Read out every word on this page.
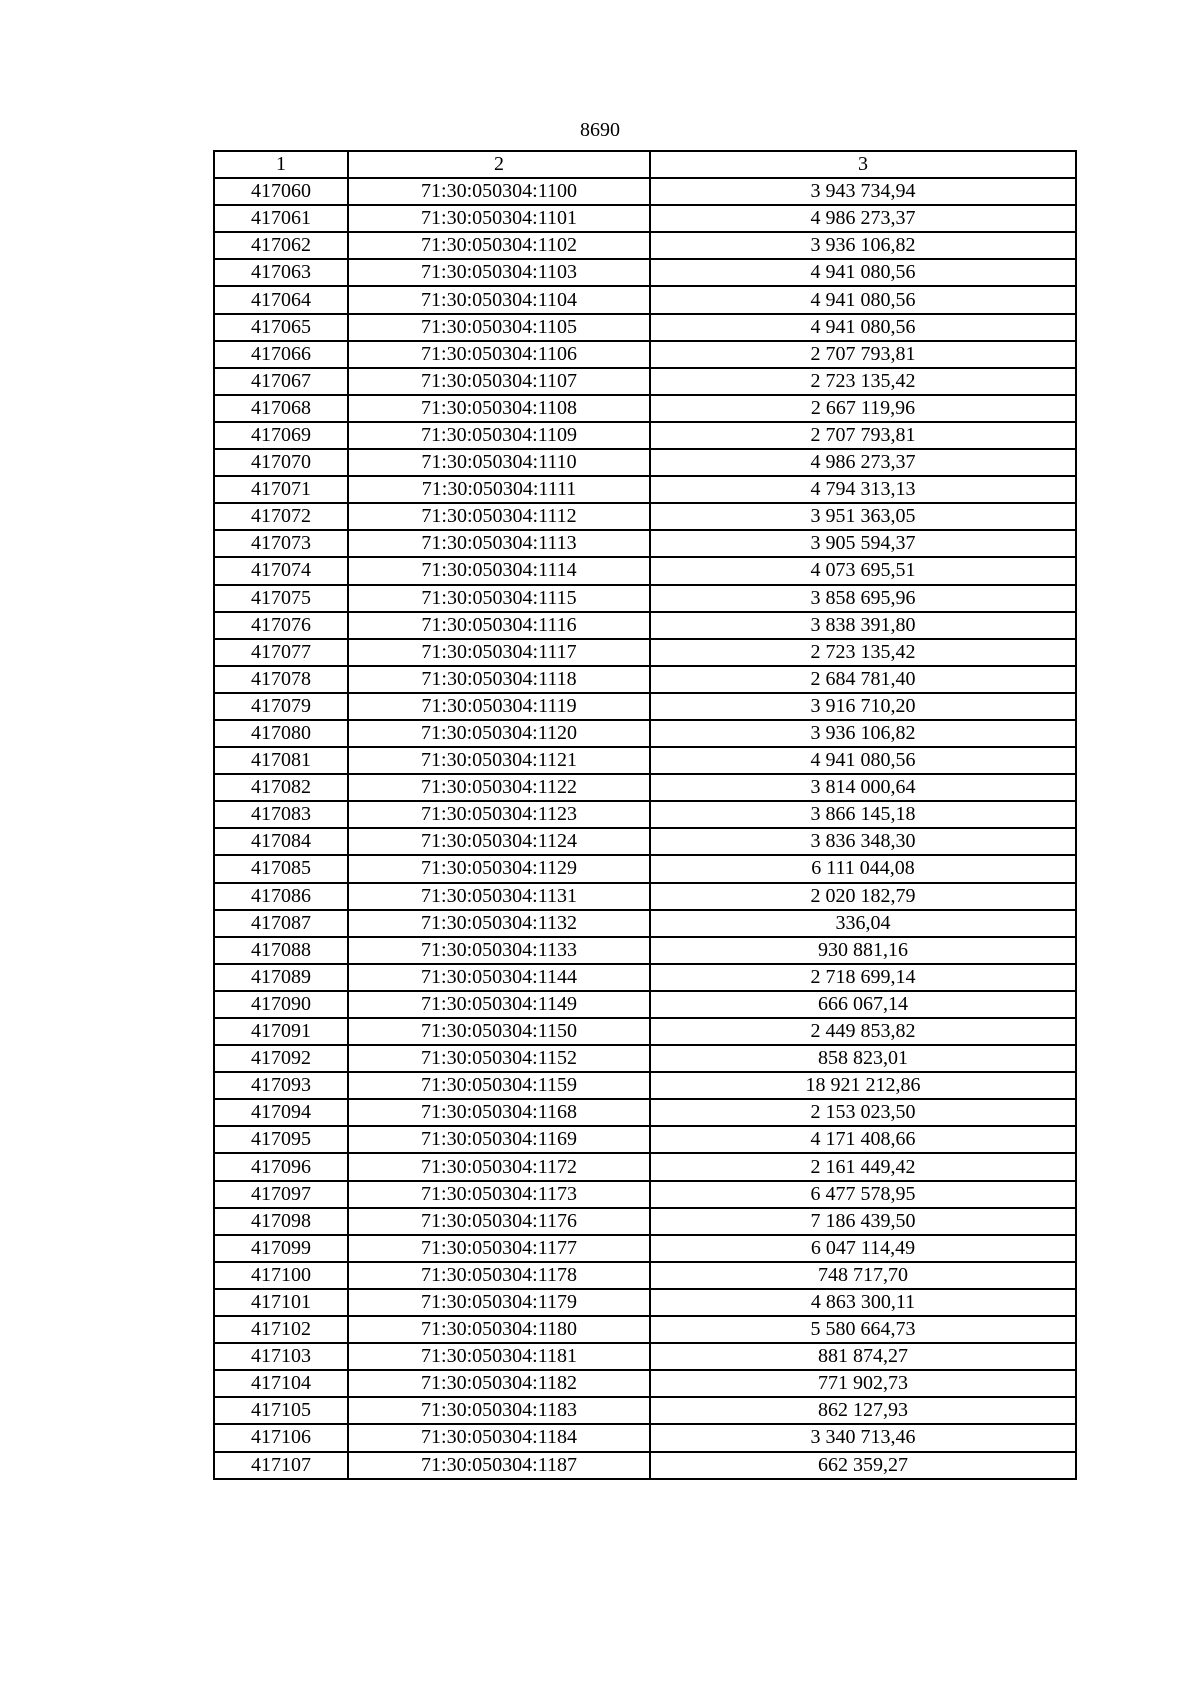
8690
1	2	3
417060	71:30:050304:1100	3 943 734,94
417061	71:30:050304:1101	4 986 273,37
417062	71:30:050304:1102	3 936 106,82
417063	71:30:050304:1103	4 941 080,56
417064	71:30:050304:1104	4 941 080,56
417065	71:30:050304:1105	4 941 080,56
417066	71:30:050304:1106	2 707 793,81
417067	71:30:050304:1107	2 723 135,42
417068	71:30:050304:1108	2 667 119,96
417069	71:30:050304:1109	2 707 793,81
417070	71:30:050304:1110	4 986 273,37
417071	71:30:050304:1111	4 794 313,13
417072	71:30:050304:1112	3 951 363,05
417073	71:30:050304:1113	3 905 594,37
417074	71:30:050304:1114	4 073 695,51
417075	71:30:050304:1115	3 858 695,96
417076	71:30:050304:1116	3 838 391,80
417077	71:30:050304:1117	2 723 135,42
417078	71:30:050304:1118	2 684 781,40
417079	71:30:050304:1119	3 916 710,20
417080	71:30:050304:1120	3 936 106,82
417081	71:30:050304:1121	4 941 080,56
417082	71:30:050304:1122	3 814 000,64
417083	71:30:050304:1123	3 866 145,18
417084	71:30:050304:1124	3 836 348,30
417085	71:30:050304:1129	6 111 044,08
417086	71:30:050304:1131	2 020 182,79
417087	71:30:050304:1132	336,04
417088	71:30:050304:1133	930 881,16
417089	71:30:050304:1144	2 718 699,14
417090	71:30:050304:1149	666 067,14
417091	71:30:050304:1150	2 449 853,82
417092	71:30:050304:1152	858 823,01
417093	71:30:050304:1159	18 921 212,86
417094	71:30:050304:1168	2 153 023,50
417095	71:30:050304:1169	4 171 408,66
417096	71:30:050304:1172	2 161 449,42
417097	71:30:050304:1173	6 477 578,95
417098	71:30:050304:1176	7 186 439,50
417099	71:30:050304:1177	6 047 114,49
417100	71:30:050304:1178	748 717,70
417101	71:30:050304:1179	4 863 300,11
417102	71:30:050304:1180	5 580 664,73
417103	71:30:050304:1181	881 874,27
417104	71:30:050304:1182	771 902,73
417105	71:30:050304:1183	862 127,93
417106	71:30:050304:1184	3 340 713,46
417107	71:30:050304:1187	662 359,27
